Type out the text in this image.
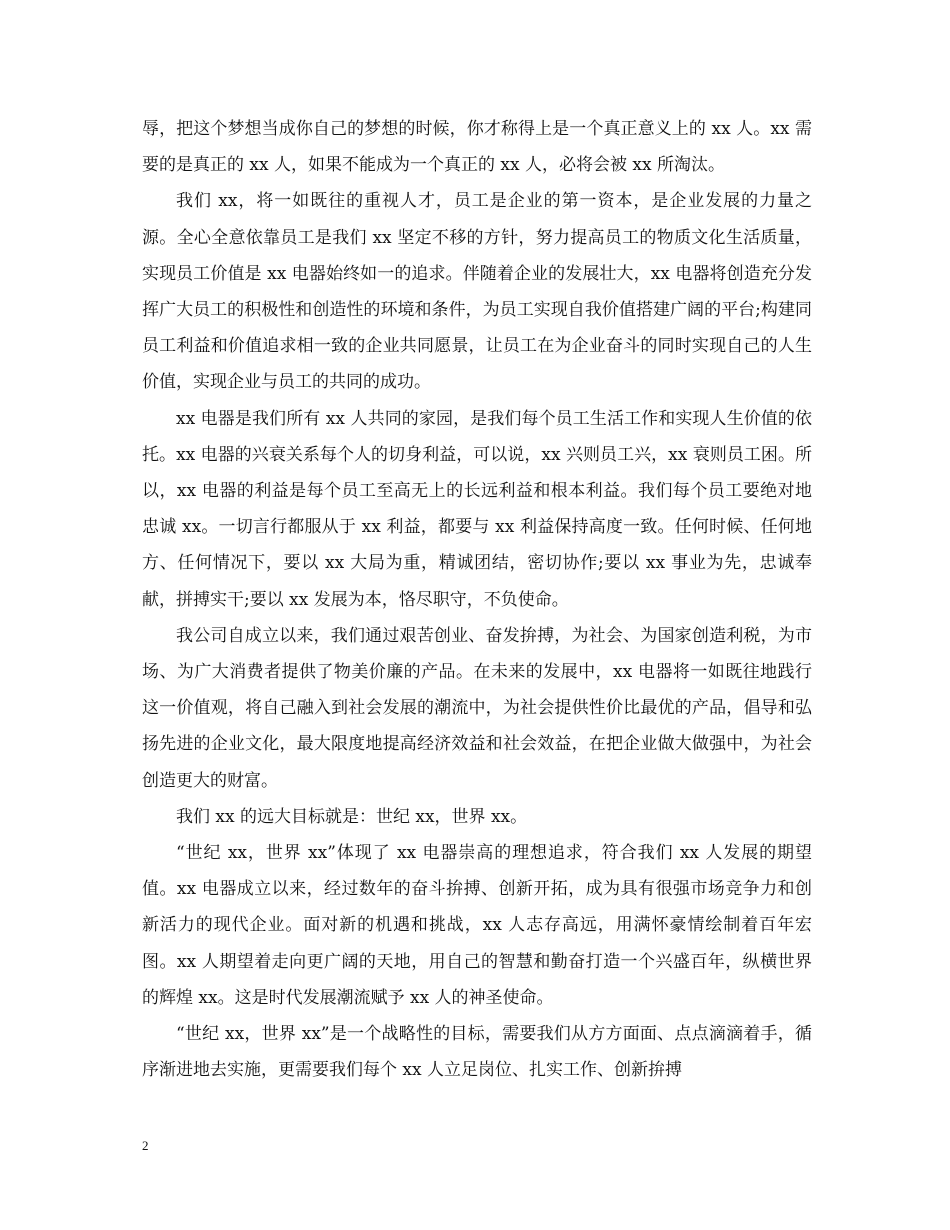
辱，把这个梦想当成你自己的梦想的时候，你才称得上是一个真正意义上的 xx 人。xx 需要的是真正的 xx 人，如果不能成为一个真正的 xx 人，必将会被 xx 所淘汰。

我们 xx，将一如既往的重视人才，员工是企业的第一资本，是企业发展的力量之源。全心全意依靠员工是我们 xx 坚定不移的方针，努力提高员工的物质文化生活质量，实现员工价值是 xx 电器始终如一的追求。伴随着企业的发展壮大，xx 电器将创造充分发挥广大员工的积极性和创造性的环境和条件，为员工实现自我价值搭建广阔的平台;构建同员工利益和价值追求相一致的企业共同愿景，让员工在为企业奋斗的同时实现自己的人生价值，实现企业与员工的共同的成功。

xx 电器是我们所有 xx 人共同的家园，是我们每个员工生活工作和实现人生价值的依托。xx 电器的兴衰关系每个人的切身利益，可以说，xx 兴则员工兴，xx 衰则员工困。所以，xx 电器的利益是每个员工至高无上的长远利益和根本利益。我们每个员工要绝对地忠诚 xx。一切言行都服从于 xx 利益，都要与 xx 利益保持高度一致。任何时候、任何地方、任何情况下，要以 xx 大局为重，精诚团结，密切协作;要以 xx 事业为先，忠诚奉献，拼搏实干;要以 xx 发展为本，恪尽职守，不负使命。

我公司自成立以来，我们通过艰苦创业、奋发拚搏，为社会、为国家创造利税，为市场、为广大消费者提供了物美价廉的产品。在未来的发展中，xx 电器将一如既往地践行这一价值观，将自己融入到社会发展的潮流中，为社会提供性价比最优的产品，倡导和弘扬先进的企业文化，最大限度地提高经济效益和社会效益，在把企业做大做强中，为社会创造更大的财富。

我们 xx 的远大目标就是：世纪 xx，世界 xx。

“世纪 xx，世界 xx”体现了 xx 电器崇高的理想追求，符合我们 xx 人发展的期望值。xx 电器成立以来，经过数年的奋斗拚搏、创新开拓，成为具有很强市场竞争力和创新活力的现代企业。面对新的机遇和挑战，xx 人志存高远，用满怀豪情绘制着百年宏图。xx 人期望着走向更广阔的天地，用自己的智慧和勤奋打造一个兴盛百年，纵横世界的辉煌 xx。这是时代发展潮流赋予 xx 人的神圣使命。

“世纪 xx，世界 xx”是一个战略性的目标，需要我们从方方面面、点点滴滴着手，循序渐进地去实施，更需要我们每个 xx 人立足岗位、扎实工作、创新拚搏

2
